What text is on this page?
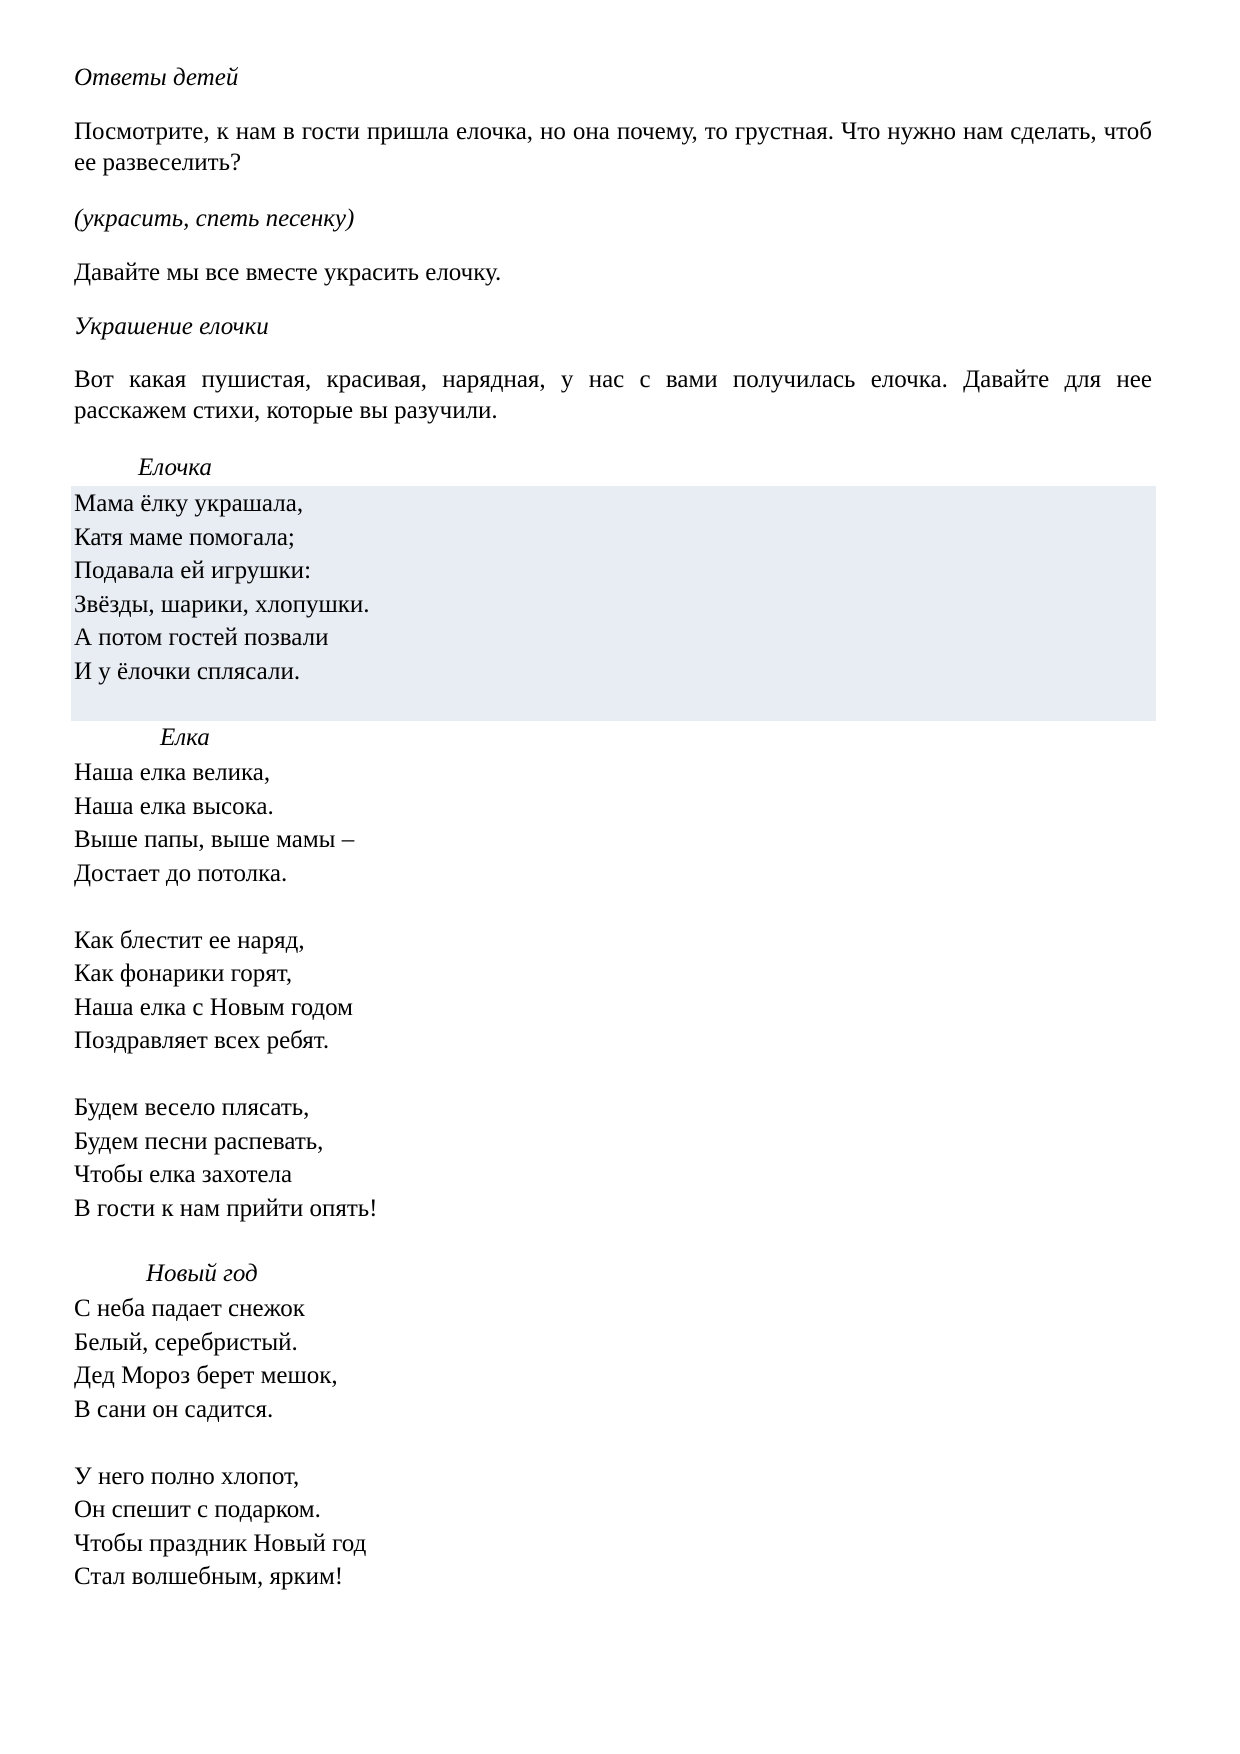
Ответы детей

Посмотрите, к нам в гости пришла елочка, но она почему, то грустная. Что нужно нам сделать, чтоб ее развеселить?

(украсить, спеть песенку)

Давайте мы все вместе украсить елочку.

Украшение елочки

Вот какая пушистая, красивая, нарядная, у нас с вами получилась елочка. Давайте для нее расскажем стихи, которые вы разучили.

Елочка

Мама ёлку украшала,
Катя маме помогала;
Подавала ей игрушки:
Звёзды, шарики, хлопушки.
А потом гостей позвали
И у ёлочки сплясали.

Елка

Наша елка велика,
Наша елка высока.
Выше папы, выше мамы –
Достает до потолка.

Как блестит ее наряд,
Как фонарики горят,
Наша елка с Новым годом
Поздравляет всех ребят.

Будем весело плясать,
Будем песни распевать,
Чтобы елка захотела
В гости к нам прийти опять!

Новый год

С неба падает снежок
Белый, серебристый.
Дед Мороз берет мешок,
В сани он садится.

У него полно хлопот,
Он спешит с подарком.
Чтобы праздник Новый год
Стал волшебным, ярким!
